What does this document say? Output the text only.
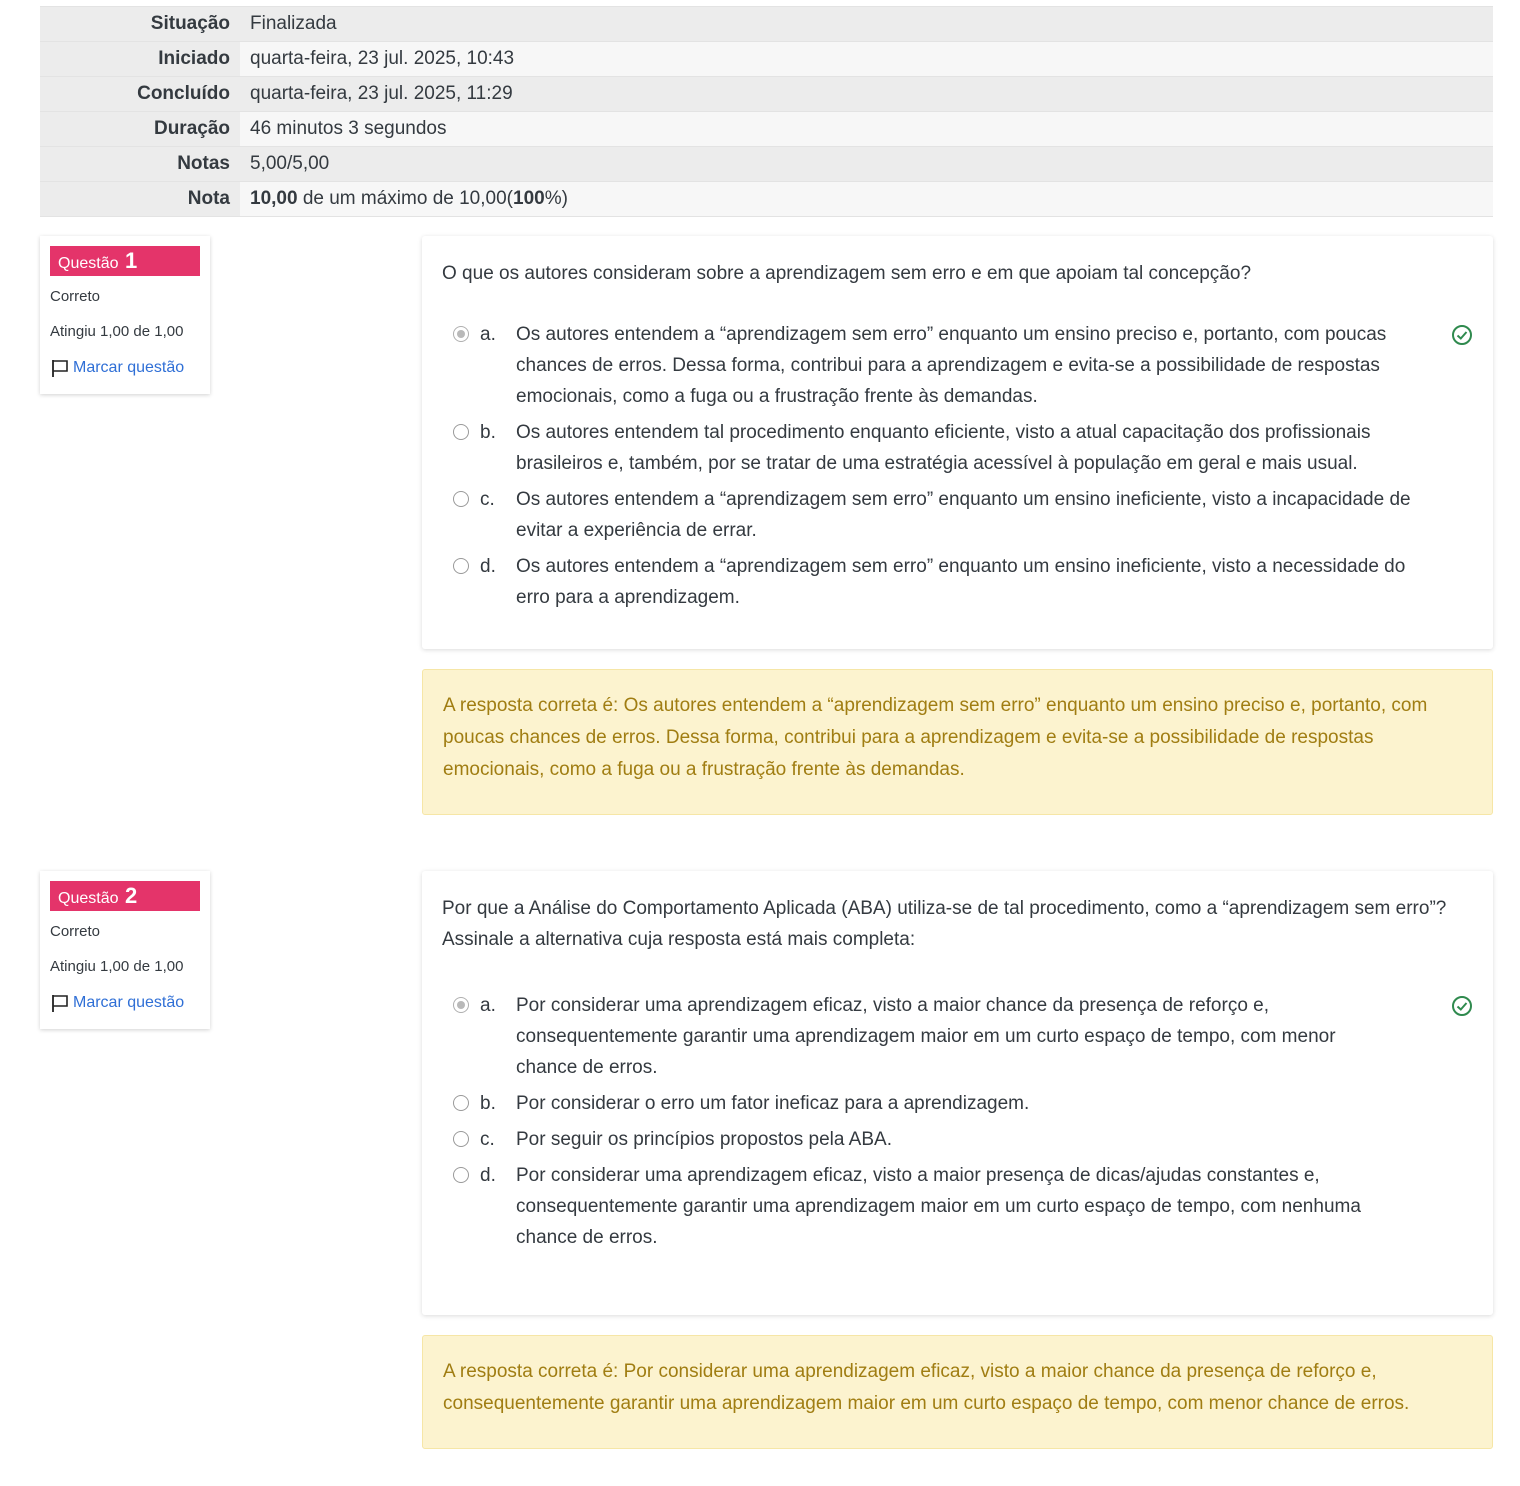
Situação	Finalizada
Iniciado	quarta-feira, 23 jul. 2025, 10:43
Concluído	quarta-feira, 23 jul. 2025, 11:29
Duração	46 minutos 3 segundos
Notas	5,00/5,00
Nota	10,00 de um máximo de 10,00(100%)
Questão 1
Correto
Atingiu 1,00 de 1,00
Marcar questão
O que os autores consideram sobre a aprendizagem sem erro e em que apoiam tal concepção?
a.	Os autores entendem a “aprendizagem sem erro” enquanto um ensino preciso e, portanto, com poucas chances de erros. Dessa forma, contribui para a aprendizagem e evita-se a possibilidade de respostas emocionais, como a fuga ou a frustração frente às demandas.
b.	Os autores entendem tal procedimento enquanto eficiente, visto a atual capacitação dos profissionais brasileiros e, também, por se tratar de uma estratégia acessível à população em geral e mais usual.
c.	Os autores entendem a “aprendizagem sem erro” enquanto um ensino ineficiente, visto a incapacidade de evitar a experiência de errar.
d.	Os autores entendem a “aprendizagem sem erro” enquanto um ensino ineficiente, visto a necessidade do erro para a aprendizagem.
A resposta correta é: Os autores entendem a “aprendizagem sem erro” enquanto um ensino preciso e, portanto, com poucas chances de erros. Dessa forma, contribui para a aprendizagem e evita-se a possibilidade de respostas emocionais, como a fuga ou a frustração frente às demandas.
Questão 2
Correto
Atingiu 1,00 de 1,00
Marcar questão
Por que a Análise do Comportamento Aplicada (ABA) utiliza-se de tal procedimento, como a “aprendizagem sem erro”?
Assinale a alternativa cuja resposta está mais completa:
a.	Por considerar uma aprendizagem eficaz, visto a maior chance da presença de reforço e, consequentemente garantir uma aprendizagem maior em um curto espaço de tempo, com menor chance de erros.
b.	Por considerar o erro um fator ineficaz para a aprendizagem.
c.	Por seguir os princípios propostos pela ABA.
d.	Por considerar uma aprendizagem eficaz, visto a maior presença de dicas/ajudas constantes e, consequentemente garantir uma aprendizagem maior em um curto espaço de tempo, com nenhuma chance de erros.
A resposta correta é: Por considerar uma aprendizagem eficaz, visto a maior chance da presença de reforço e, consequentemente garantir uma aprendizagem maior em um curto espaço de tempo, com menor chance de erros.
